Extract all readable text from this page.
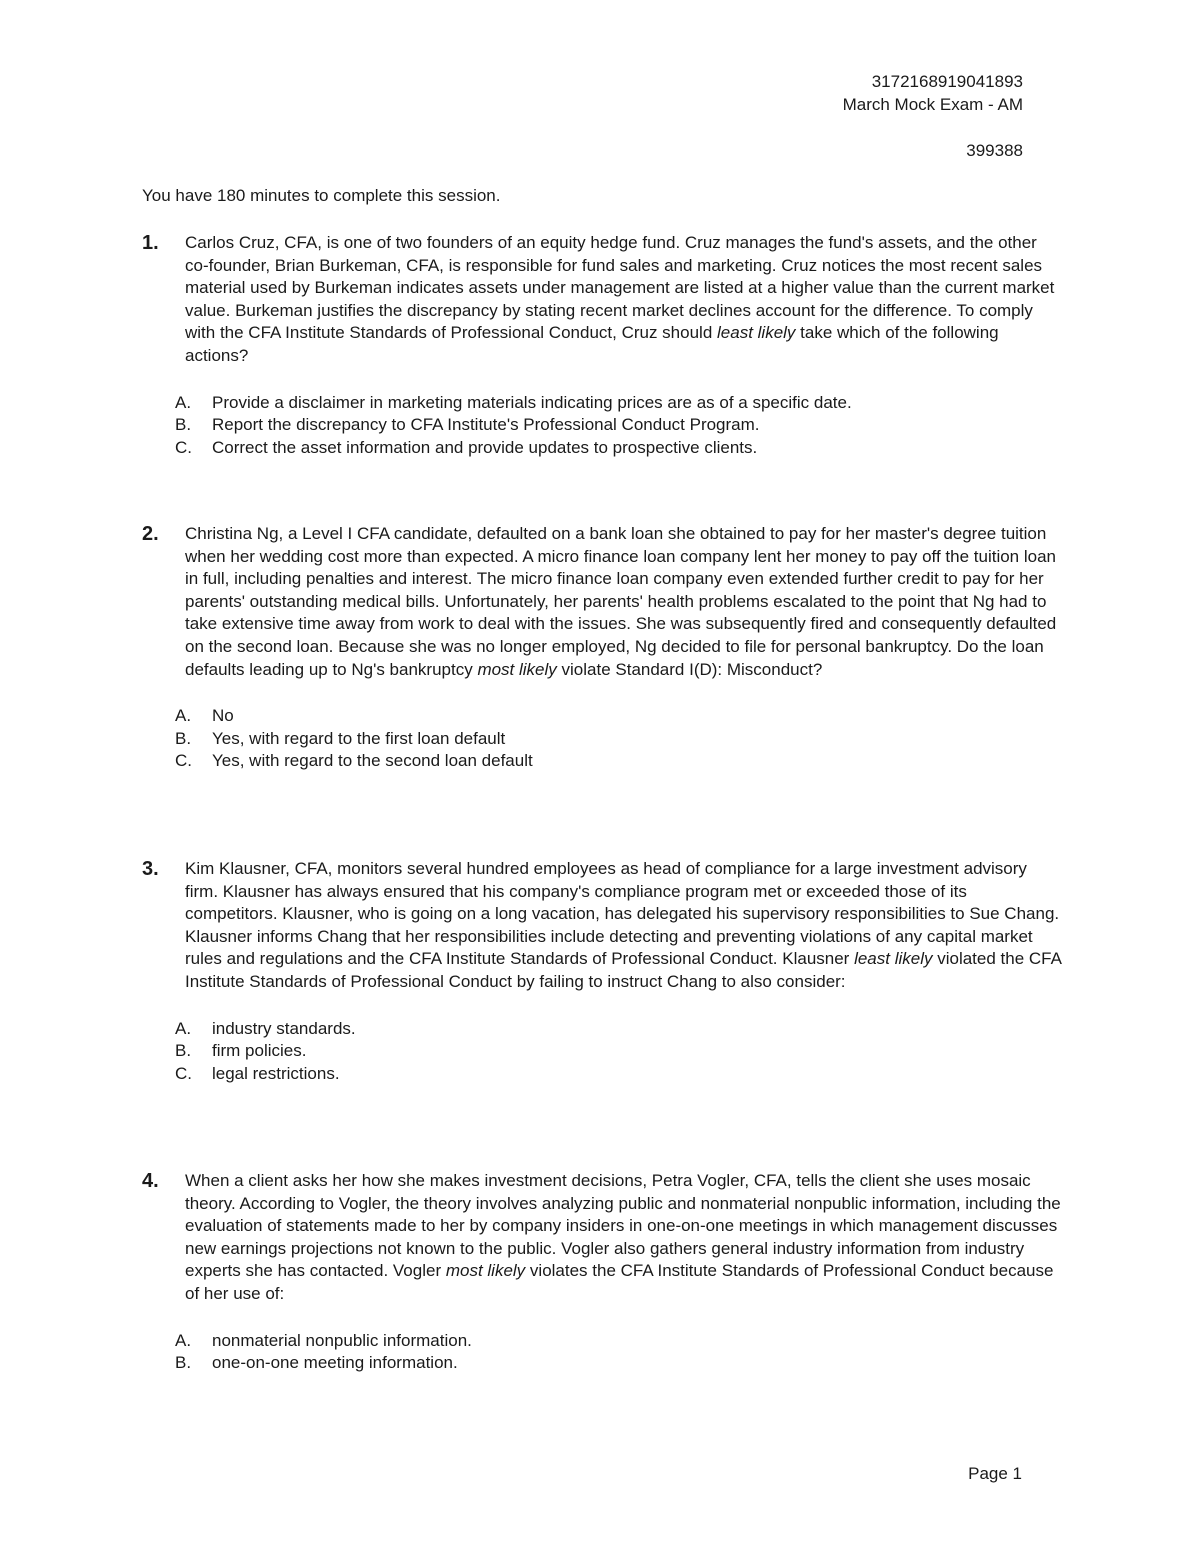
3172168919041893
March Mock Exam - AM
399388

You have 180 minutes to complete this session.

1. Carlos Cruz, CFA, is one of two founders of an equity hedge fund. Cruz manages the fund's assets, and the other co-founder, Brian Burkeman, CFA, is responsible for fund sales and marketing. Cruz notices the most recent sales material used by Burkeman indicates assets under management are listed at a higher value than the current market value. Burkeman justifies the discrepancy by stating recent market declines account for the difference. To comply with the CFA Institute Standards of Professional Conduct, Cruz should least likely take which of the following actions?

A.	Provide a disclaimer in marketing materials indicating prices are as of a specific date.
B.	Report the discrepancy to CFA Institute's Professional Conduct Program.
C.	Correct the asset information and provide updates to prospective clients.
2. Christina Ng, a Level I CFA candidate, defaulted on a bank loan she obtained to pay for her master's degree tuition when her wedding cost more than expected. A micro finance loan company lent her money to pay off the tuition loan in full, including penalties and interest. The micro finance loan company even extended further credit to pay for her parents' outstanding medical bills. Unfortunately, her parents' health problems escalated to the point that Ng had to take extensive time away from work to deal with the issues. She was subsequently fired and consequently defaulted on the second loan. Because she was no longer employed, Ng decided to file for personal bankruptcy. Do the loan defaults leading up to Ng's bankruptcy most likely violate Standard I(D): Misconduct?

A.	No
B.	Yes, with regard to the first loan default
C.	Yes, with regard to the second loan default
3. Kim Klausner, CFA, monitors several hundred employees as head of compliance for a large investment advisory firm. Klausner has always ensured that his company's compliance program met or exceeded those of its competitors. Klausner, who is going on a long vacation, has delegated his supervisory responsibilities to Sue Chang. Klausner informs Chang that her responsibilities include detecting and preventing violations of any capital market rules and regulations and the CFA Institute Standards of Professional Conduct. Klausner least likely violated the CFA Institute Standards of Professional Conduct by failing to instruct Chang to also consider:

A.	industry standards.
B.	firm policies.
C.	legal restrictions.
4. When a client asks her how she makes investment decisions, Petra Vogler, CFA, tells the client she uses mosaic theory. According to Vogler, the theory involves analyzing public and nonmaterial nonpublic information, including the evaluation of statements made to her by company insiders in one-on-one meetings in which management discusses new earnings projections not known to the public. Vogler also gathers general industry information from industry experts she has contacted. Vogler most likely violates the CFA Institute Standards of Professional Conduct because of her use of:

A.	nonmaterial nonpublic information.
B.	one-on-one meeting information.
Page 1
